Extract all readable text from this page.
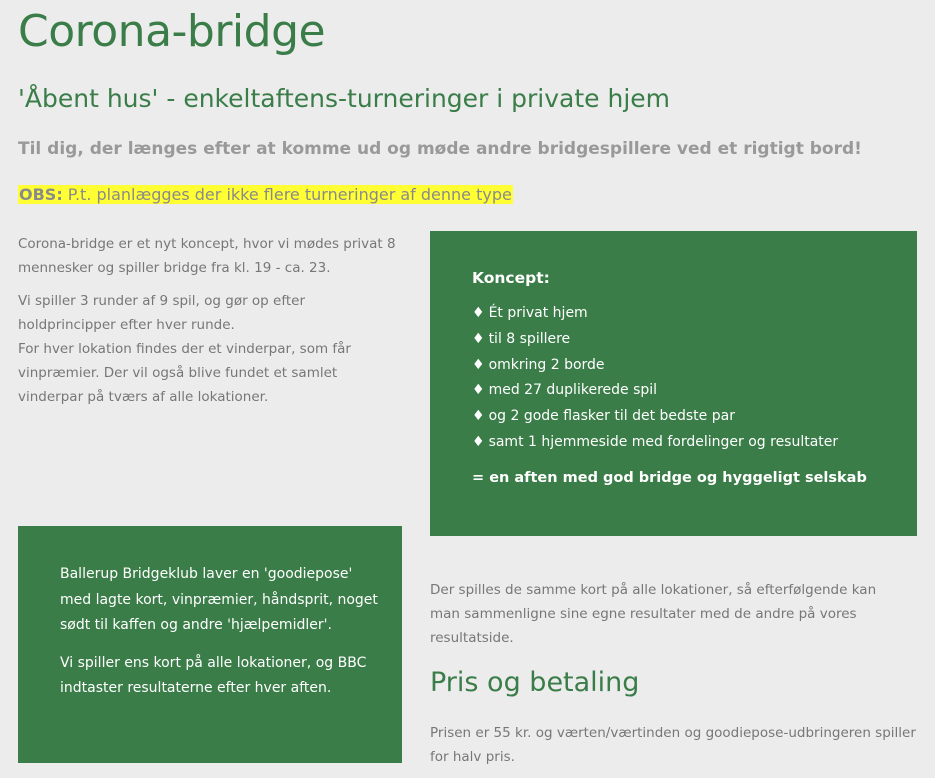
Corona-bridge
'Åbent hus' - enkeltaftens-turneringer i private hjem

Til dig, der længes efter at komme ud og møde andre bridgespillere ved et rigtigt bord!

OBS: P.t. planlægges der ikke flere turneringer af denne type

Corona-bridge er et nyt koncept, hvor vi mødes privat 8 mennesker og spiller bridge fra kl. 19 - ca. 23.

Vi spiller 3 runder af 9 spil, og gør op efter holdprincipper efter hver runde.
For hver lokation findes der et vinderpar, som får vinpræmier. Der vil også blive fundet et samlet vinderpar på tværs af alle lokationer.

Koncept:
♦ Ét privat hjem
♦ til 8 spillere
♦ omkring 2 borde
♦ med 27 duplikerede spil
♦ og 2 gode flasker til det bedste par
♦ samt 1 hjemmeside med fordelinger og resultater
= en aften med god bridge og hyggeligt selskab

Ballerup Bridgeklub laver en 'goodiepose' med lagte kort, vinpræmier, håndsprit, noget sødt til kaffen og andre 'hjælpemidler'.

Vi spiller ens kort på alle lokationer, og BBC indtaster resultaterne efter hver aften.

Der spilles de samme kort på alle lokationer, så efterfølgende kan man sammenligne sine egne resultater med de andre på vores resultatside.

Pris og betaling

Prisen er 55 kr. og værten/værtinden og goodiepose-udbringeren spiller for halv pris.
